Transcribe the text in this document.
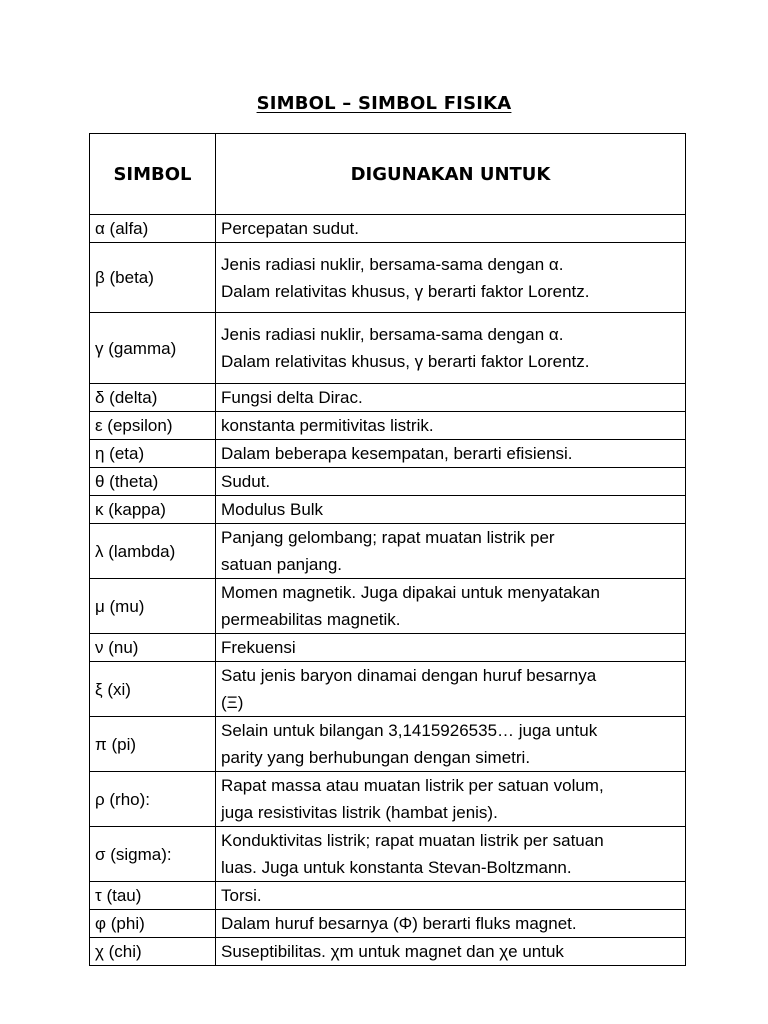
SIMBOL – SIMBOL FISIKA
SIMBOL	DIGUNAKAN UNTUK
α (alfa)	Percepatan sudut.

β (beta)	Jenis radiasi nuklir, bersama-sama dengan α.
Dalam relativitas khusus, γ berarti faktor Lorentz.

γ (gamma)	Jenis radiasi nuklir, bersama-sama dengan α.
Dalam relativitas khusus, γ berarti faktor Lorentz.

δ (delta)	Fungsi delta Dirac.

ε (epsilon)	konstanta permitivitas listrik.

η (eta)	Dalam beberapa kesempatan, berarti efisiensi.

θ (theta)	Sudut.

κ (kappa)	Modulus Bulk

λ (lambda)	Panjang gelombang; rapat muatan listrik per
satuan panjang.

μ (mu)	Momen magnetik. Juga dipakai untuk menyatakan
permeabilitas magnetik.

ν (nu)	Frekuensi

ξ (xi)	Satu jenis baryon dinamai dengan huruf besarnya
(Ξ)

π (pi)	Selain untuk bilangan 3,1415926535… juga untuk
parity yang berhubungan dengan simetri.

ρ (rho):	Rapat massa atau muatan listrik per satuan volum,
juga resistivitas listrik (hambat jenis).

σ (sigma):	Konduktivitas listrik; rapat muatan listrik per satuan
luas. Juga untuk konstanta Stevan-Boltzmann.

τ (tau)	Torsi.

φ (phi)	Dalam huruf besarnya (Φ) berarti fluks magnet.

χ (chi)	Suseptibilitas. χm untuk magnet dan χe untuk
